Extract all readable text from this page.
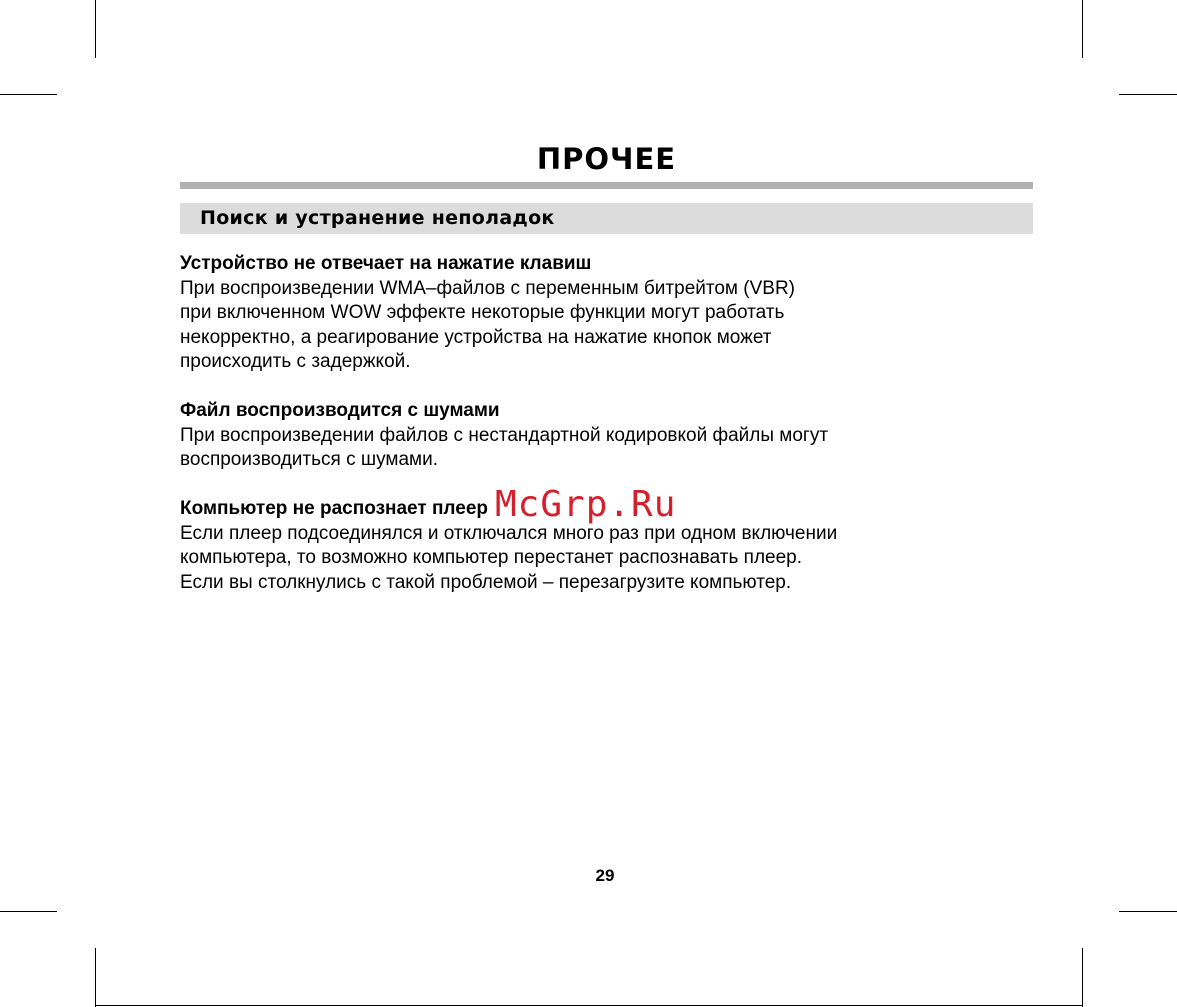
ПРОЧЕЕ
Поиск и устранение неполадок
Устройство не отвечает на нажатие клавиш
При воспроизведении WMA–файлов с переменным битрейтом (VBR)
при включенном WOW эффекте некоторые функции могут работать
некорректно, а реагирование устройства на нажатие кнопок может
происходить с задержкой.
Файл воспроизводится с шумами
При воспроизведении файлов с нестандартной кодировкой файлы могут
воспроизводиться с шумами.
Компьютер не распознает плеер
Если плеер подсоединялся и отключался много раз при одном включении
компьютера, то возможно компьютер перестанет распознавать плеер.
Если вы столкнулись с такой проблемой – перезагрузите компьютер.
McGrp.Ru
29
